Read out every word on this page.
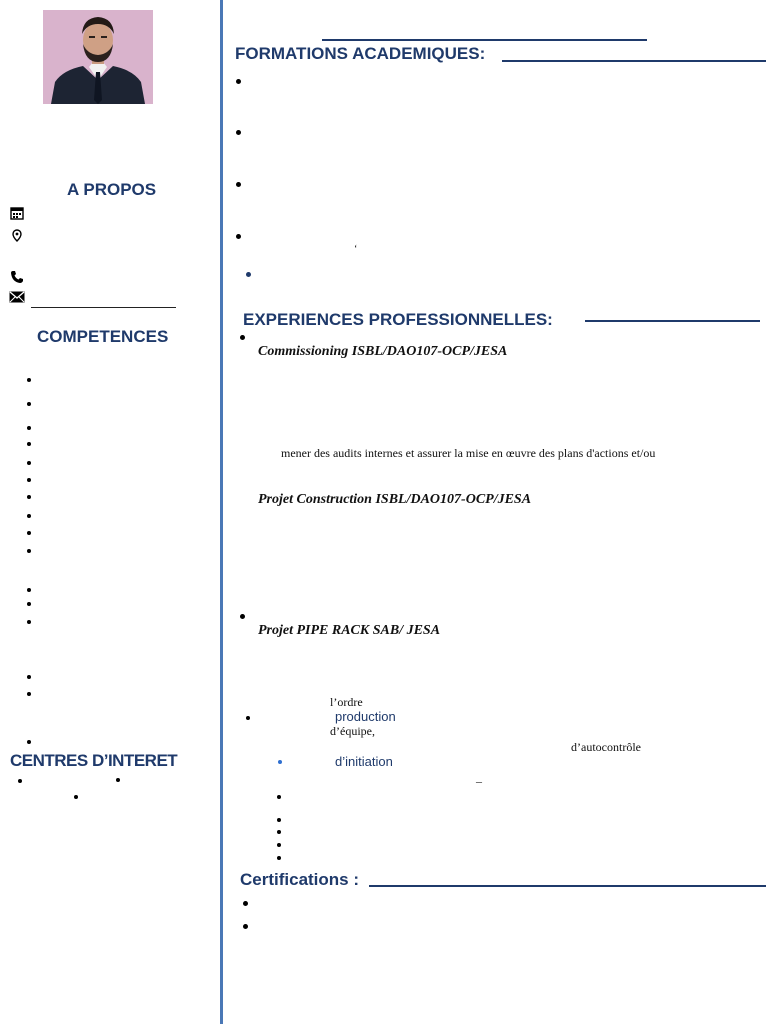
A PROPOS
COMPETENCES
CENTRES D’INTERET
FORMATIONS ACADEMIQUES:
‘
EXPERIENCES PROFESSIONNELLES:
Commissioning ISBL/DAO107-OCP/JESA
mener des audits internes et assurer la mise en œuvre des plans d'actions et/ou
Projet Construction ISBL/DAO107-OCP/JESA
Projet PIPE RACK SAB/ JESA
l’ordre
production
d’équipe,
d’autocontrôle
d’initiation
–
Certifications :
